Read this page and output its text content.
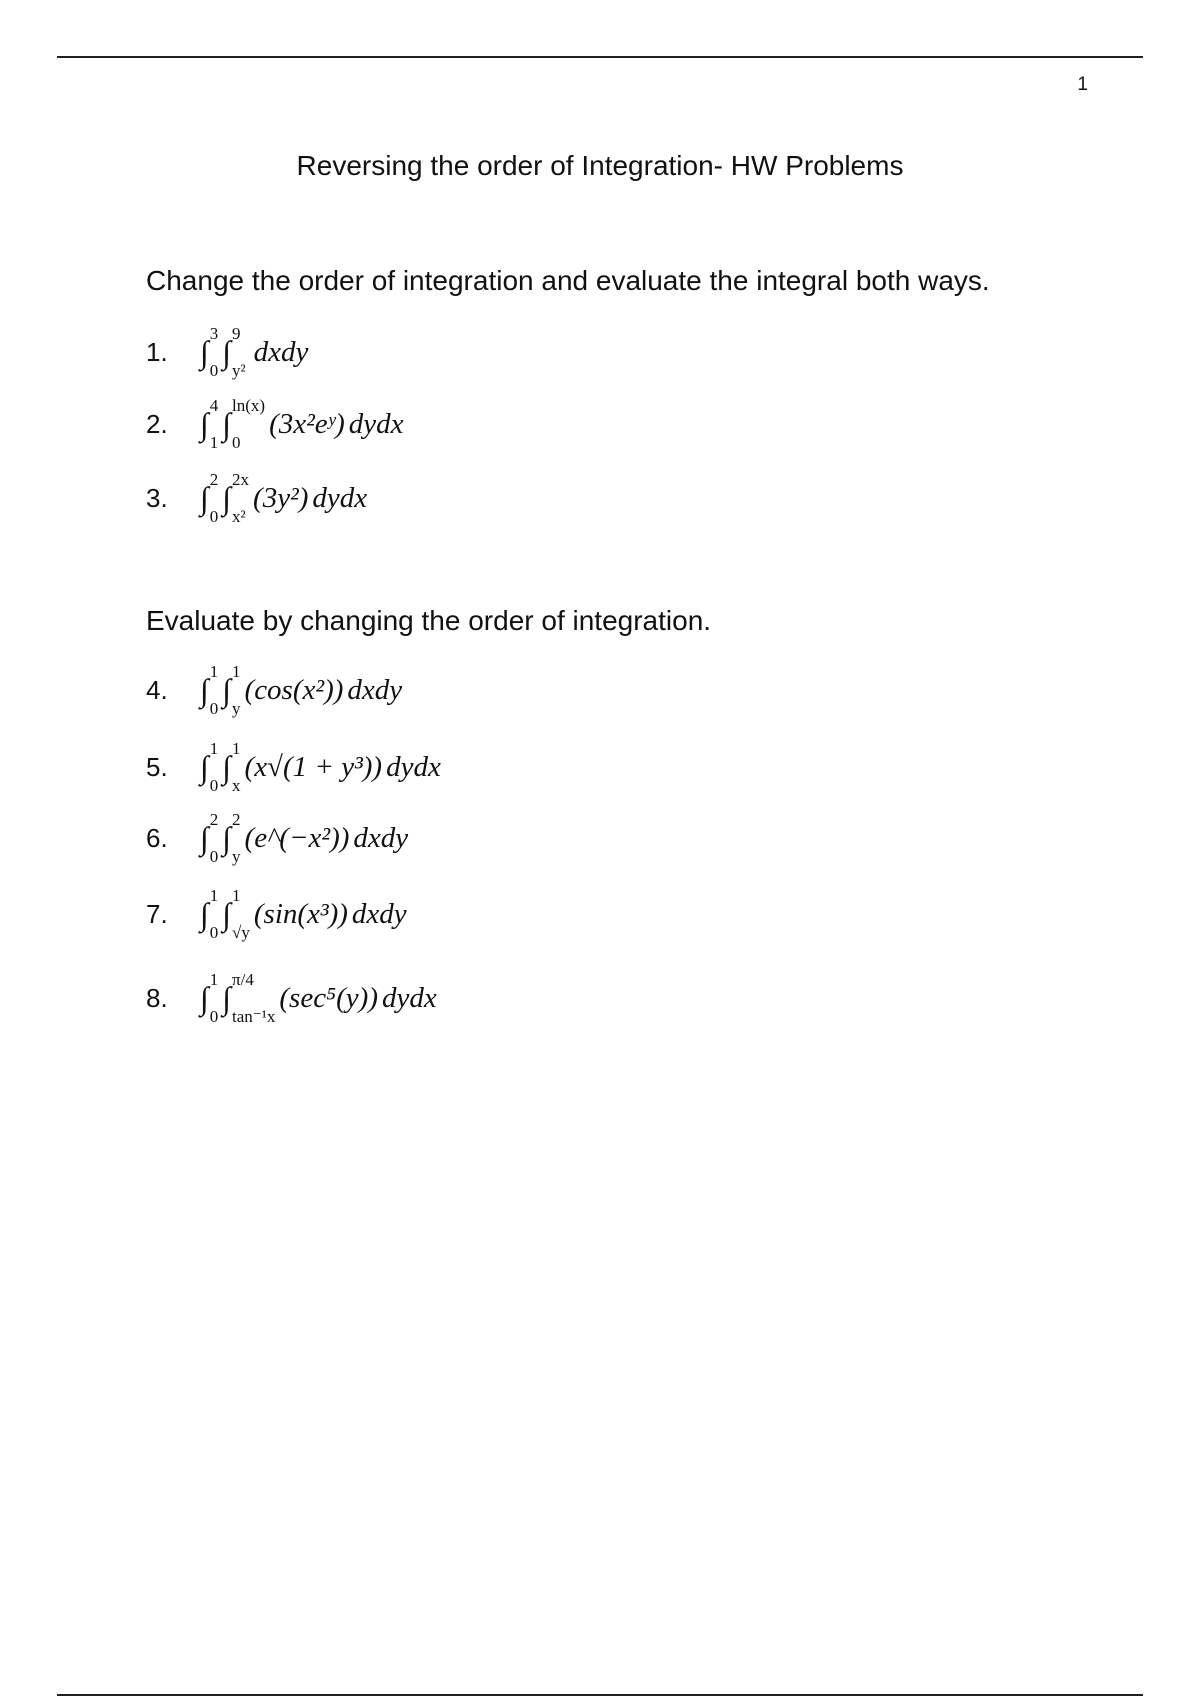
1
Reversing the order of Integration- HW Problems
Change the order of integration and evaluate the integral both ways.
1.	∫
3
0
∫
9
y²
dxdy
2.	∫
4
1
∫
ln(x)
0
(3x²eʸ) dydx
3.	∫
2
0
∫
2x
x²
(3y²) dydx
Evaluate by changing the order of integration.
4.	∫
1
0
∫
1
y
(cos(x²)) dxdy
5.	∫
1
0
∫
1
x
(x√(1 + y³)) dydx
6.	∫
2
0
∫
2
y
(e^(−x²)) dxdy
7.	∫
1
0
∫
1
√y
(sin(x³)) dxdy
8.	∫
1
0
∫
π/4
tan⁻¹x
(sec⁵(y)) dydx
